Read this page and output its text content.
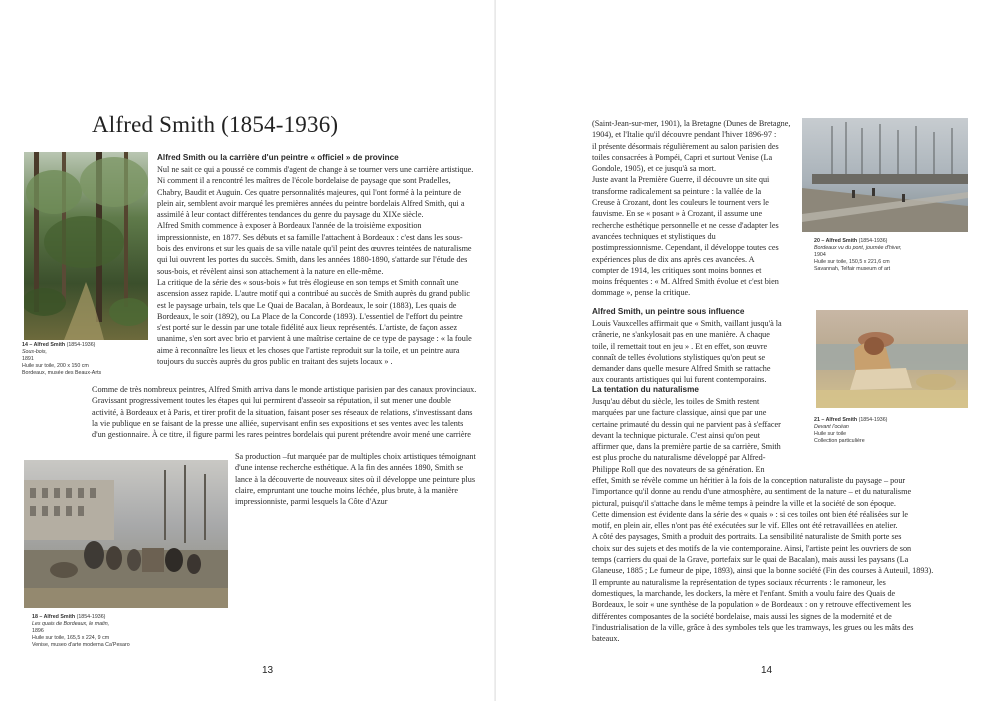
Alfred Smith (1854-1936)
14 – Alfred Smith (1854-1936)
Sous-bois,
1891
Huile sur toile, 200 x 150 cm
Bordeaux, musée des Beaux-Arts
Alfred Smith ou la carrière d'un peintre « officiel » de province

Nul ne sait ce qui a poussé ce commis d'agent de change à se tourner vers une carrière artistique. Ni comment il a rencontré les maîtres de l'école bordelaise de paysage que sont Pradelles, Chabry, Baudit et Auguin. Ces quatre personnalités majeures, qui l'ont formé à la peinture de plein air, semblent avoir marqué les premières années du peintre bordelais Alfred Smith, qui a assimilé à leur contact différentes tendances du genre du paysage du XIXe siècle.

Alfred Smith commence à exposer à Bordeaux l'année de la troisième exposition impressionniste, en 1877. Ses débuts et sa famille l'attachent à Bordeaux : c'est dans les sous-bois des environs et sur les quais de sa ville natale qu'il peint des œuvres teintées de naturalisme qui lui ouvrent les portes du succès. Smith, dans les années 1880-1890, s'attarde sur l'étude des sous-bois, et révèlent ainsi son attachement à la nature en elle-même.

La critique de la série des « sous-bois » fut très élogieuse en son temps et Smith connaît une ascension assez rapide. L'autre motif qui a contribué au succès de Smith auprès du grand public est le paysage urbain, tels que Le Quai de Bacalan, à Bordeaux, le soir (1883), Les quais de Bordeaux, le soir (1892), ou La Place de la Concorde (1893). L'essentiel de l'effort du peintre s'est porté sur le dessin par une totale fidélité aux lieux représentés. L'artiste, de façon assez unanime, s'en sort avec brio et parvient à une maîtrise certaine de ce type de paysage : « la foule aime à reconnaître les lieux et les choses que l'artiste reproduit sur la toile, et un peintre aura toujours du succès auprès du gros public en traitant des sujets locaux » .

18 – Alfred Smith (1854-1936)
Les quais de Bordeaux, le matin,
1896
Huile sur toile, 165,5 x 224, 9 cm
Venise, museo d'arte moderna Ca'Pesaro

Comme de très nombreux peintres, Alfred Smith arriva dans le monde artistique parisien par des canaux provinciaux. Gravissant progressivement toutes les étapes qui lui permirent d'asseoir sa réputation, il sut mener une double activité, à Bordeaux et à Paris, et tirer profit de la situation, faisant poser ses réseaux de relations, s'investissant dans la vie publique en se faisant de la presse une alliée, supervisant enfin ses expositions et ses ventes avec les talents d'un gestionnaire. À ce titre, il figure parmi les rares peintres bordelais qui purent prétendre avoir mené une carrière

Sa production –fut marquée par de multiples choix artistiques témoignant d'une intense recherche esthétique. A la fin des années 1890, Smith se lance à la découverte de nouveaux sites où il développe une peinture plus claire, empruntant une touche moins léchée, plus brute, à la manière impressionniste, parmi lesquels la Côte d'Azur

13
(Saint-Jean-sur-mer, 1901), la Bretagne (Dunes de Bretagne,
1904), et l'Italie qu'il découvre pendant l'hiver 1896-97 :
il présente désormais régulièrement au salon parisien des
toiles consacrées à Pompéi, Capri et surtout Venise (La
Gondole, 1905), et ce jusqu'à sa mort.
Juste avant la Première Guerre, il découvre un site qui
transforme radicalement sa peinture : la vallée de la
Creuse à Crozant, dont les couleurs le tournent vers le
fauvisme. En se « posant » à Crozant, il assume une
recherche esthétique personnelle et ne cesse d'adapter les
avancées techniques et stylistiques du
postimpressionnisme. Cependant, il développe toutes ces
expériences plus de dix ans après ces avancées. A
compter de 1914, les critiques sont moins bonnes et
moins fréquentes : « M. Alfred Smith évolue et c'est bien
dommage », pense la critique.
20 – Alfred Smith (1854-1936)
Bordeaux vu du pont, journée d'hiver,
1904
Huile sur toile, 150,5 x 221,6 cm
Savannah, Telfair museum of art
Alfred Smith, un peintre sous influence
Louis Vauxcelles affirmait que « Smith, vaillant jusqu'à la
crânerie, ne s'ankylosait pas en une manière. A chaque
toile, il remettait tout en jeu » . Et en effet, son œuvre
connaît de telles évolutions stylistiques qu'on peut se
demander dans quelle mesure Alfred Smith se rattache
aux courants artistiques qui lui furent contemporains.
21 – Alfred Smith (1854-1936)
Devant l'océan
Huile sur toile
Collection particulière
La tentation du naturalisme
Jusqu'au début du siècle, les toiles de Smith restent
marquées par une facture classique, ainsi que par une
certaine primauté du dessin qui ne parvient pas à s'effacer
devant la technique picturale. C'est ainsi qu'on peut
affirmer que, dans la première partie de sa carrière, Smith
est plus proche du naturalisme développé par Alfred-
Philippe Roll que des novateurs de sa génération. En
effet, Smith se révèle comme un héritier à la fois de la conception naturaliste du paysage – pour
l'importance qu'il donne au rendu d'une atmosphère, au sentiment de la nature – et du naturalisme
pictural, puisqu'il s'attache dans le même temps à peindre la ville et la société de son époque.
Cette dimension est évidente dans la série des « quais » : si ces toiles ont bien été réalisées sur le
motif, en plein air, elles n'ont pas été exécutées sur le vif. Elles ont été retravaillées en atelier.
A côté des paysages, Smith a produit des portraits. La sensibilité naturaliste de Smith porte ses
choix sur des sujets et des motifs de la vie contemporaine. Ainsi, l'artiste peint les ouvriers de son
temps (carriers du quai de la Grave, portefaix sur le quai de Bacalan), mais aussi les paysans (La
Glaneuse, 1885 ; Le fumeur de pipe, 1893), ainsi que la bonne société (Fin des courses à Auteuil, 1893).
Il emprunte au naturalisme la représentation de types sociaux récurrents : le ramoneur, les
domestiques, la marchande, les dockers, la mère et l'enfant. Smith a voulu faire des Quais de
Bordeaux, le soir « une synthèse de la population » de Bordeaux : on y retrouve effectivement les
différentes composantes de la société bordelaise, mais aussi les signes de la modernité et de
l'industrialisation de la ville, grâce à des symboles tels que les tramways, les grues ou les mâts des
bateaux.
14
